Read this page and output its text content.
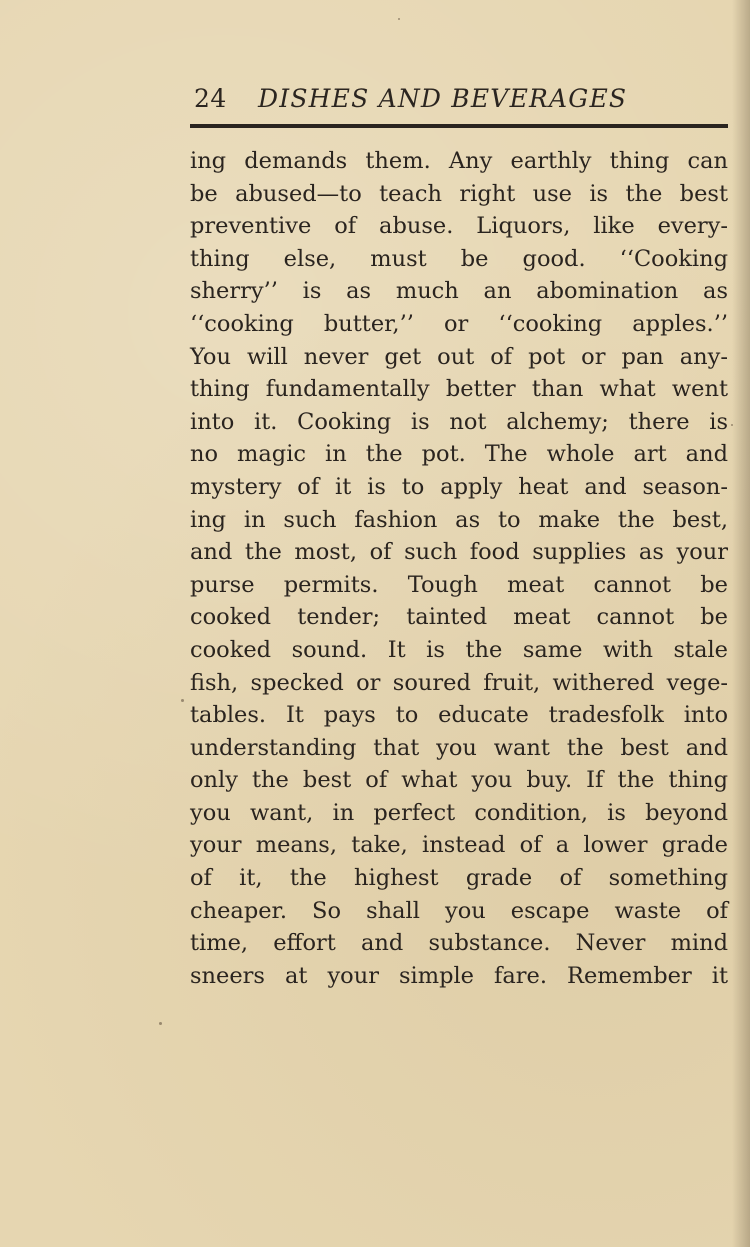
24 DISHES AND BEVERAGES
ing demands them. Any earthly thing can
be abused—to teach right use is the best
preventive of abuse. Liquors, like every-
thing else, must be good. ‘‘Cooking
sherry’’ is as much an abomination as
‘‘cooking butter,’’ or ‘‘cooking apples.’’
You will never get out of pot or pan any-
thing fundamentally better than what went
into it. Cooking is not alchemy; there is
no magic in the pot. The whole art and
mystery of it is to apply heat and season-
ing in such fashion as to make the best,
and the most, of such food supplies as your
purse permits. Tough meat cannot be
cooked tender; tainted meat cannot be
cooked sound. It is the same with stale
fish, specked or soured fruit, withered vege-
tables. It pays to educate tradesfolk into
understanding that you want the best and
only the best of what you buy. If the thing
you want, in perfect condition, is beyond
your means, take, instead of a lower grade
of it, the highest grade of something
cheaper. So shall you escape waste of
time, effort and substance. Never mind
sneers at your simple fare. Remember it
